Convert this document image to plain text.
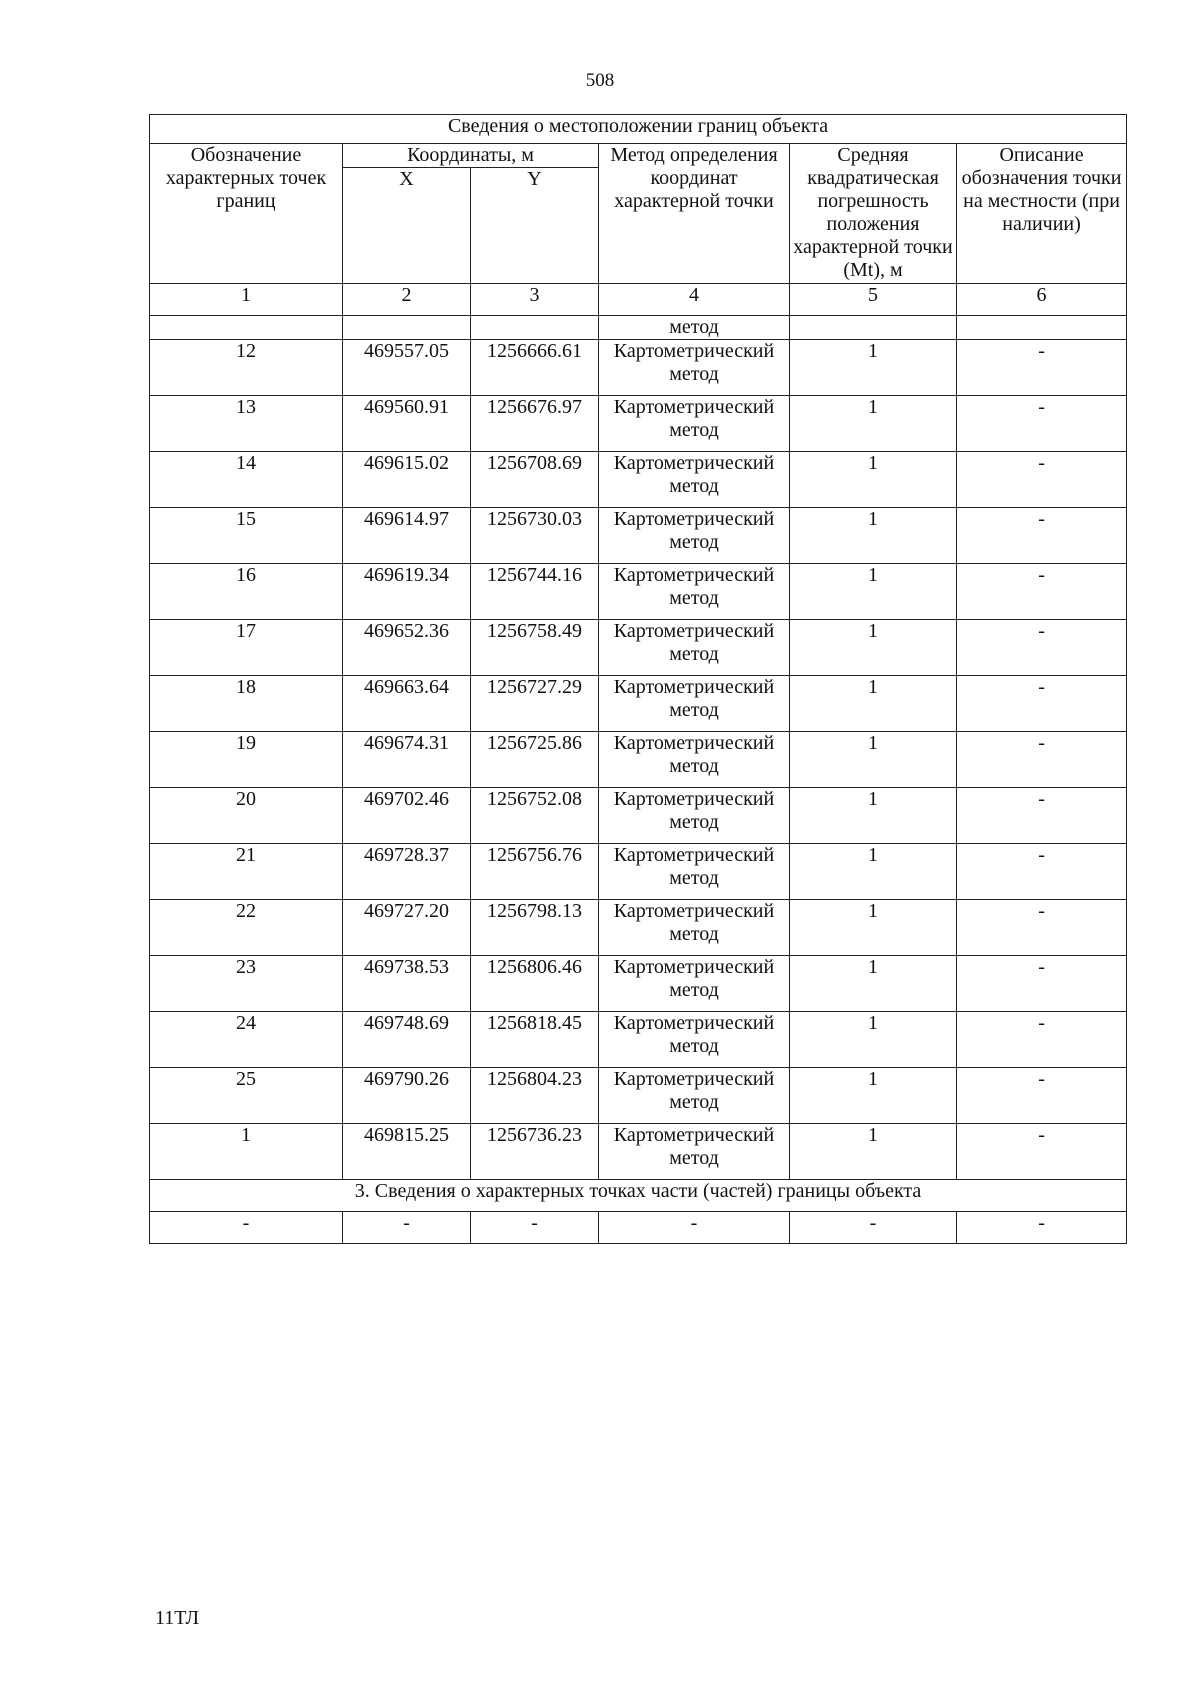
508
Сведения о местоположении границ объекта					
Обозначение характерных точек границ	Координаты, м		Метод определения координат характерной точки	Средняя квадратическая погрешность положения характерной точки (Mt), м	Описание обозначения точки на местности (при наличии)
	X	Y			
1	2	3	4	5	6
			метод		
12	469557.05	1256666.61	Картометрический метод	1	-
13	469560.91	1256676.97	Картометрический метод	1	-
14	469615.02	1256708.69	Картометрический метод	1	-
15	469614.97	1256730.03	Картометрический метод	1	-
16	469619.34	1256744.16	Картометрический метод	1	-
17	469652.36	1256758.49	Картометрический метод	1	-
18	469663.64	1256727.29	Картометрический метод	1	-
19	469674.31	1256725.86	Картометрический метод	1	-
20	469702.46	1256752.08	Картометрический метод	1	-
21	469728.37	1256756.76	Картометрический метод	1	-
22	469727.20	1256798.13	Картометрический метод	1	-
23	469738.53	1256806.46	Картометрический метод	1	-
24	469748.69	1256818.45	Картометрический метод	1	-
25	469790.26	1256804.23	Картометрический метод	1	-
1	469815.25	1256736.23	Картометрический метод	1	-
3. Сведения о характерных точках части (частей) границы объекта					
-	-	-	-	-	-
11ТЛ
